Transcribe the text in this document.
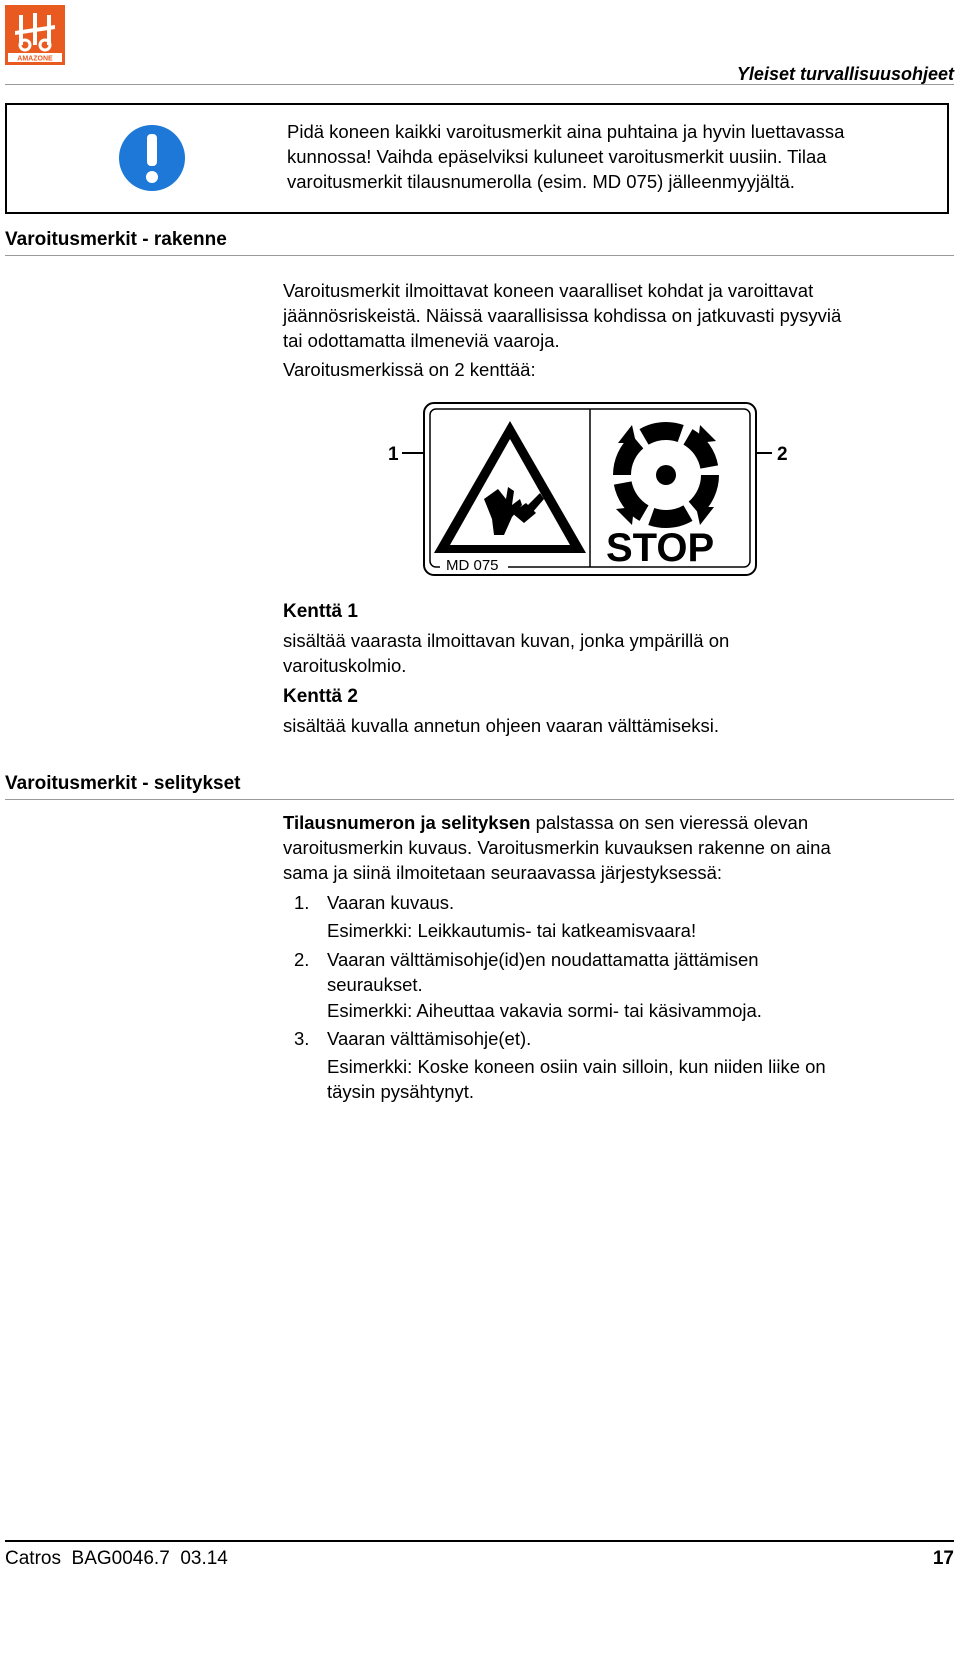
AMAZONE
Yleiset turvallisuusohjeet
Pidä koneen kaikki varoitusmerkit aina puhtaina ja hyvin luettavassa
kunnossa! Vaihda epäselviksi kuluneet varoitusmerkit uusiin. Tilaa
varoitusmerkit tilausnumerolla (esim. MD 075) jälleenmyyjältä.
Varoitusmerkit - rakenne
Varoitusmerkit ilmoittavat koneen vaaralliset kohdat ja varoittavat
jäännösriskeistä. Näissä vaarallisissa kohdissa on jatkuvasti pysyviä
tai odottamatta ilmeneviä vaaroja.
Varoitusmerkissä on 2 kenttää:
1	2
MD 075	STOP
Kenttä 1
sisältää vaarasta ilmoittavan kuvan, jonka ympärillä on
varoituskolmio.
Kenttä 2
sisältää kuvalla annetun ohjeen vaaran välttämiseksi.
Varoitusmerkit - selitykset
Tilausnumeron ja selityksen palstassa on sen vieressä olevan
varoitusmerkin kuvaus. Varoitusmerkin kuvauksen rakenne on aina
sama ja siinä ilmoitetaan seuraavassa järjestyksessä:
1. Vaaran kuvaus.
Esimerkki: Leikkautumis- tai katkeamisvaara!
2. Vaaran välttämisohje(id)en noudattamatta jättämisen
seuraukset.
Esimerkki: Aiheuttaa vakavia sormi- tai käsivammoja.
3. Vaaran välttämisohje(et).
Esimerkki: Koske koneen osiin vain silloin, kun niiden liike on
täysin pysähtynyt.
Catros  BAG0046.7  03.14	17
